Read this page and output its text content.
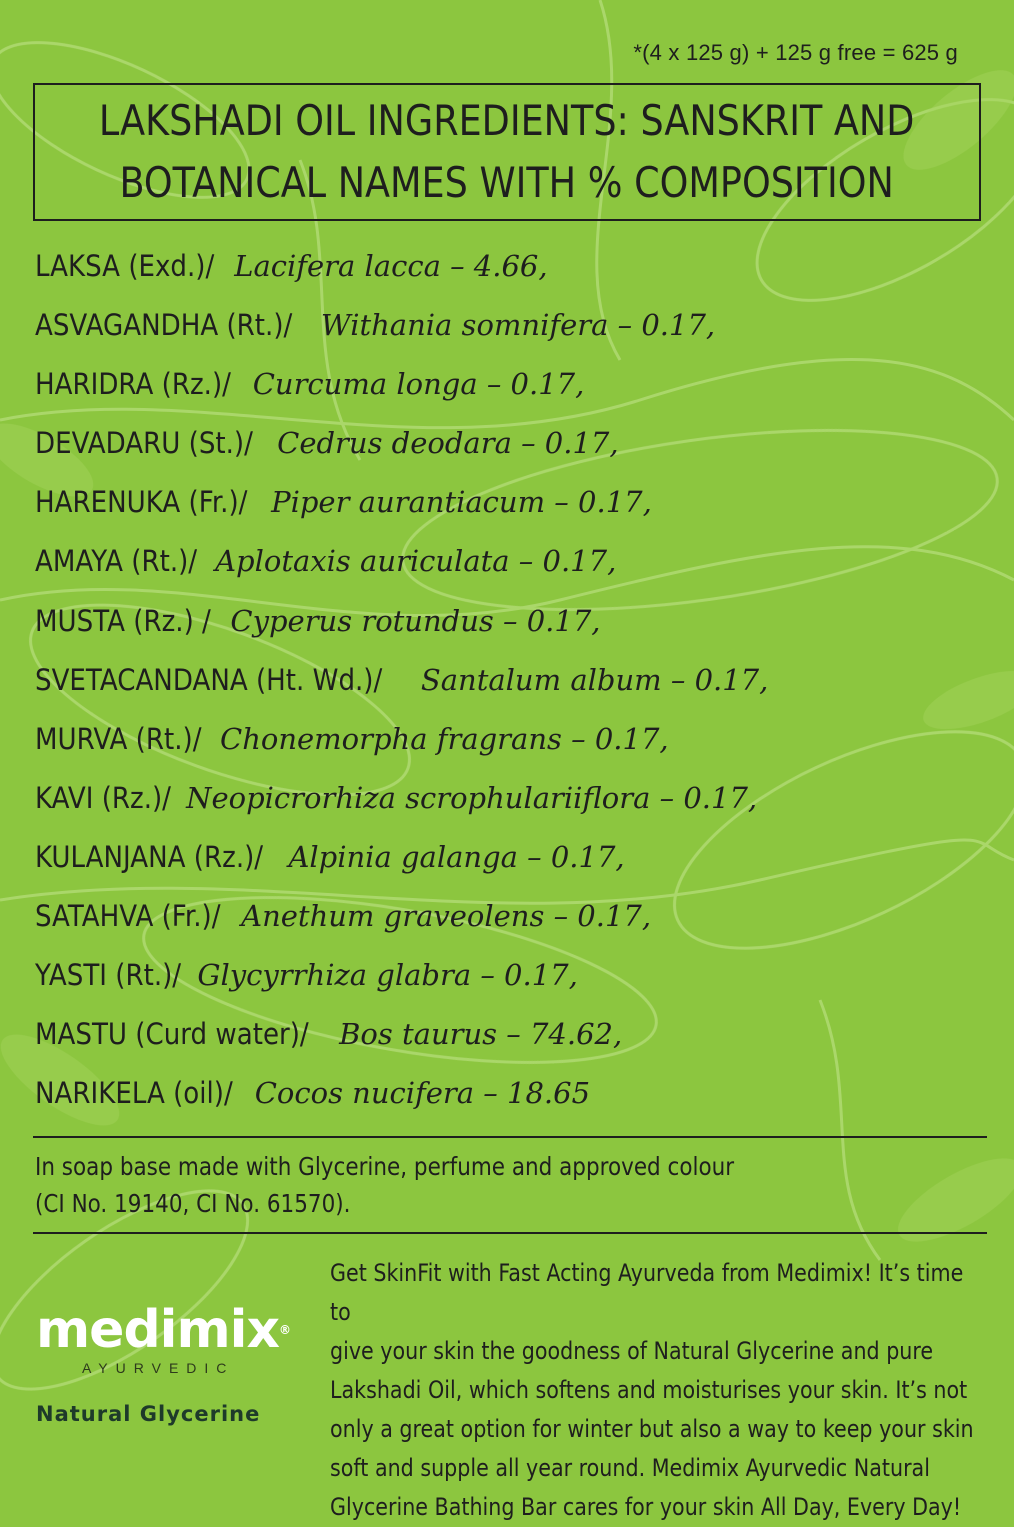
*(4 x 125 g) + 125 g free = 625 g
LAKSHADI OIL INGREDIENTS: SANSKRIT AND
BOTANICAL NAMES WITH % COMPOSITION
LAKSA (Exd.)/ Lacifera lacca – 4.66,
ASVAGANDHA (Rt.)/ Withania somnifera – 0.17,
HARIDRA (Rz.)/ Curcuma longa – 0.17,
DEVADARU (St.)/ Cedrus deodara – 0.17,
HARENUKA (Fr.)/ Piper aurantiacum – 0.17,
AMAYA (Rt.)/ Aplotaxis auriculata – 0.17,
MUSTA (Rz.) / Cyperus rotundus – 0.17,
SVETACANDANA (Ht. Wd.)/ Santalum album – 0.17,
MURVA (Rt.)/ Chonemorpha fragrans – 0.17,
KAVI (Rz.)/Neopicrorhiza scrophulariiflora – 0.17,
KULANJANA (Rz.)/ Alpinia galanga – 0.17,
SATAHVA (Fr.)/ Anethum graveolens – 0.17,
YASTI (Rt.)/ Glycyrrhiza glabra – 0.17,
MASTU (Curd water)/ Bos taurus – 74.62,
NARIKELA (oil)/ Cocos nucifera – 18.65
In soap base made with Glycerine, perfume and approved colour
(CI No. 19140, CI No. 61570).
medimix®
AYURVEDIC
Natural Glycerine
Get SkinFit with Fast Acting Ayurveda from Medimix! It’s time to
give your skin the goodness of Natural Glycerine and pure
Lakshadi Oil, which softens and moisturises your skin. It’s not
only a great option for winter but also a way to keep your skin
soft and supple all year round. Medimix Ayurvedic Natural
Glycerine Bathing Bar cares for your skin All Day, Every Day!
